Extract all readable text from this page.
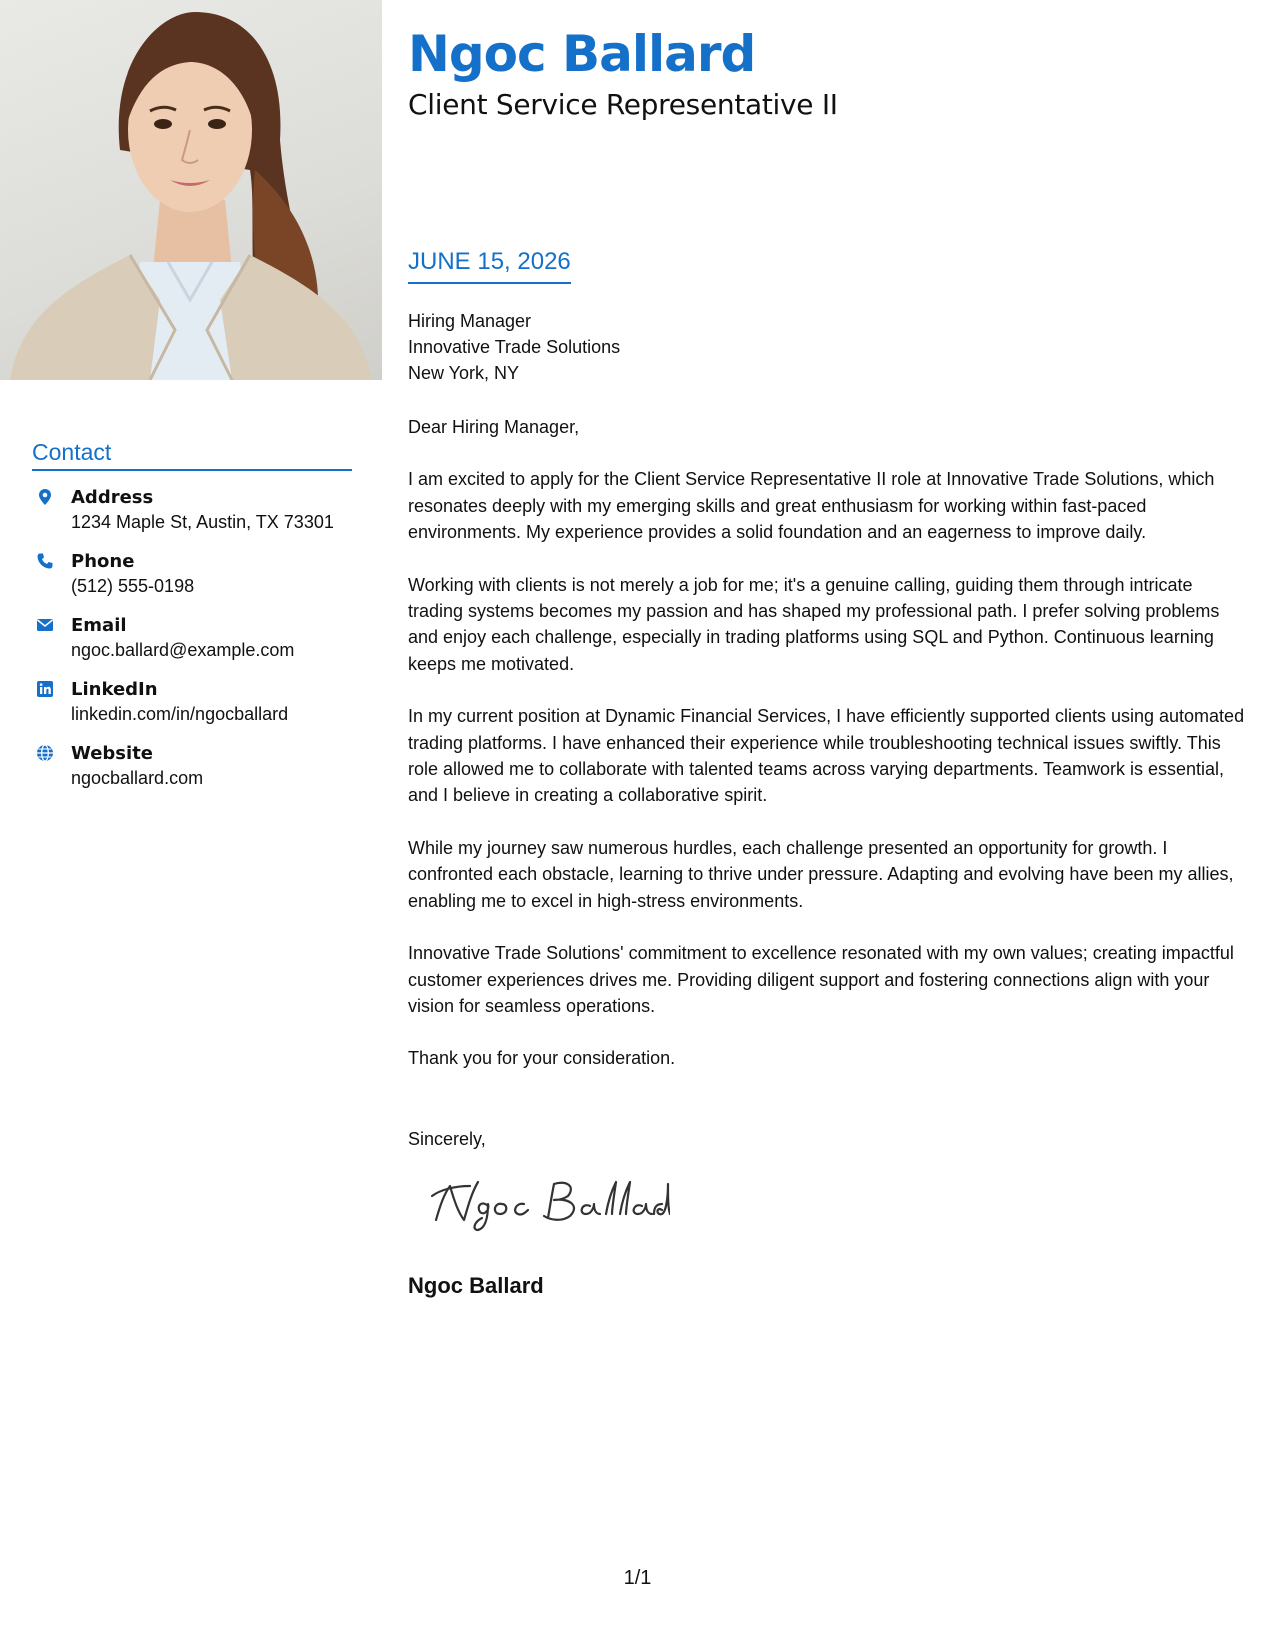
Ngoc Ballard
Client Service Representative II
JUNE 15, 2026
Hiring Manager
Innovative Trade Solutions
New York, NY

Dear Hiring Manager,

I am excited to apply for the Client Service Representative II role at Innovative Trade Solutions, which resonates deeply with my emerging skills and great enthusiasm for working within fast-paced environments. My experience provides a solid foundation and an eagerness to improve daily.

Working with clients is not merely a job for me; it's a genuine calling, guiding them through intricate trading systems becomes my passion and has shaped my professional path. I prefer solving problems and enjoy each challenge, especially in trading platforms using SQL and Python. Continuous learning keeps me motivated.

In my current position at Dynamic Financial Services, I have efficiently supported clients using automated trading platforms. I have enhanced their experience while troubleshooting technical issues swiftly. This role allowed me to collaborate with talented teams across varying departments. Teamwork is essential, and I believe in creating a collaborative spirit.

While my journey saw numerous hurdles, each challenge presented an opportunity for growth. I confronted each obstacle, learning to thrive under pressure. Adapting and evolving have been my allies, enabling me to excel in high-stress environments.

Innovative Trade Solutions' commitment to excellence resonated with my own values; creating impactful customer experiences drives me. Providing diligent support and fostering connections align with your vision for seamless operations.

Thank you for your consideration.

Sincerely,

Ngoc Ballard
Contact
Address
1234 Maple St, Austin, TX 73301
Phone
(512) 555-0198
Email
ngoc.ballard@example.com
LinkedIn
linkedin.com/in/ngocballard
Website
ngocballard.com
1/1
